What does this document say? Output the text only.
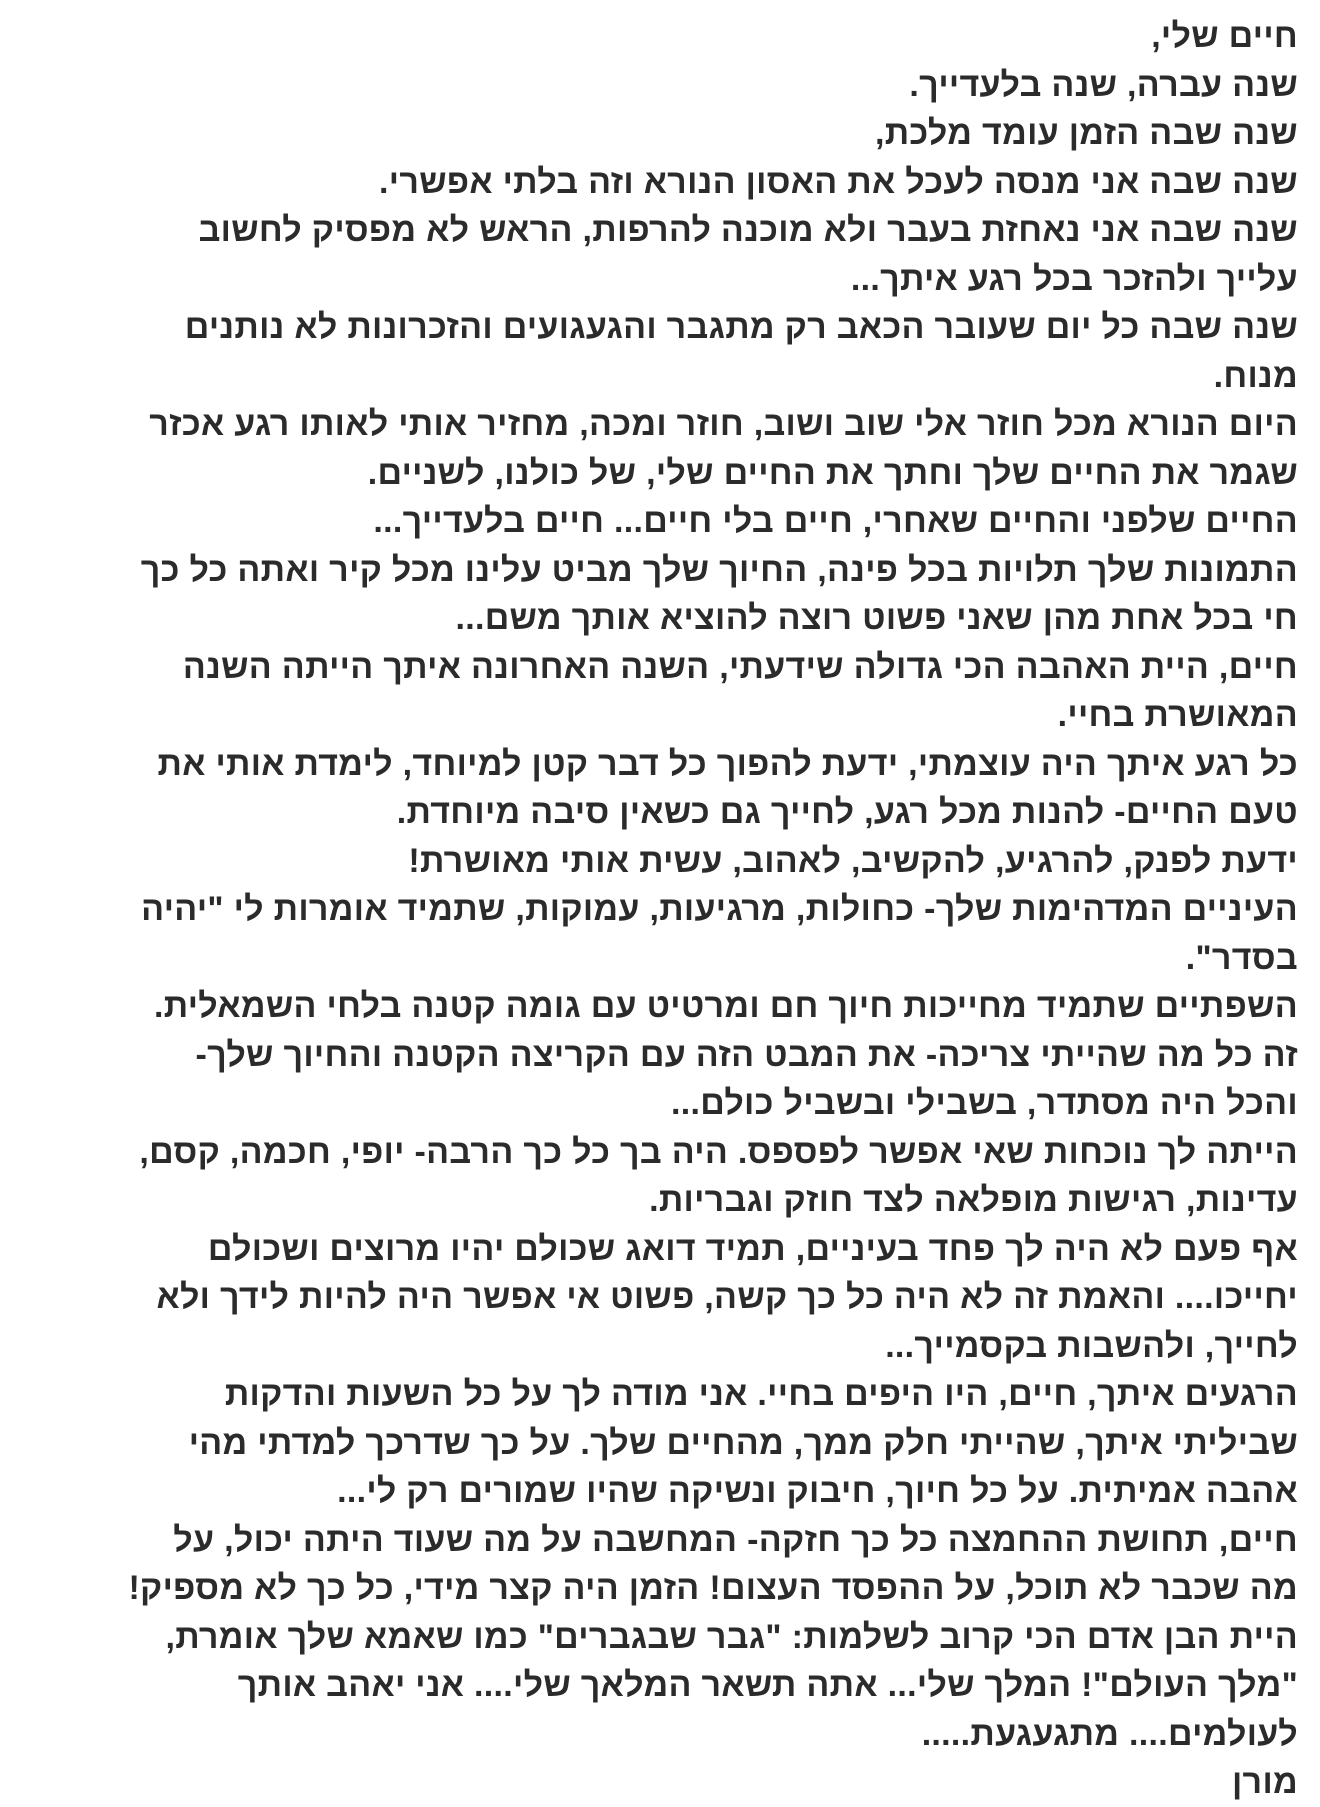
חיים שלי,
שנה עברה, שנה בלעדייך.
שנה שבה הזמן עומד מלכת,
שנה שבה אני מנסה לעכל את האסון הנורא וזה בלתי אפשרי.
שנה שבה אני נאחזת בעבר ולא מוכנה להרפות, הראש לא מפסיק לחשוב
עלייך ולהזכר בכל רגע איתך...
שנה שבה כל יום שעובר הכאב רק מתגבר והגעגועים והזכרונות לא נותנים
מנוח.
היום הנורא מכל חוזר אלי שוב ושוב, חוזר ומכה, מחזיר אותי לאותו רגע אכזר
שגמר את החיים שלך וחתך את החיים שלי, של כולנו, לשניים.
החיים שלפני והחיים שאחרי, חיים בלי חיים... חיים בלעדייך...
התמונות שלך תלויות בכל פינה, החיוך שלך מביט עלינו מכל קיר ואתה כל כך
חי בכל אחת מהן שאני פשוט רוצה להוציא אותך משם...
חיים, היית האהבה הכי גדולה שידעתי, השנה האחרונה איתך הייתה השנה
המאושרת בחיי.
כל רגע איתך היה עוצמתי, ידעת להפוך כל דבר קטן למיוחד, לימדת אותי את
טעם החיים- להנות מכל רגע, לחייך גם כשאין סיבה מיוחדת.
ידעת לפנק, להרגיע, להקשיב, לאהוב, עשית אותי מאושרת!
העיניים המדהימות שלך- כחולות, מרגיעות, עמוקות, שתמיד אומרות לי "יהיה
בסדר".
השפתיים שתמיד מחייכות חיוך חם ומרטיט עם גומה קטנה בלחי השמאלית.
זה כל מה שהייתי צריכה- את המבט הזה עם הקריצה הקטנה והחיוך שלך-
והכל היה מסתדר, בשבילי ובשביל כולם...
הייתה לך נוכחות שאי אפשר לפספס. היה בך כל כך הרבה- יופי, חכמה, קסם,
עדינות, רגישות מופלאה לצד חוזק וגבריות.
אף פעם לא היה לך פחד בעיניים, תמיד דואג שכולם יהיו מרוצים ושכולם
יחייכו.... והאמת זה לא היה כל כך קשה, פשוט אי אפשר היה להיות לידך ולא
לחייך, ולהשבות בקסמייך...
הרגעים איתך, חיים, היו היפים בחיי. אני מודה לך על כל השעות והדקות
שביליתי איתך, שהייתי חלק ממך, מהחיים שלך. על כך שדרכך למדתי מהי
אהבה אמיתית. על כל חיוך, חיבוק ונשיקה שהיו שמורים רק לי...
חיים, תחושת ההחמצה כל כך חזקה- המחשבה על מה שעוד היתה יכול, על
מה שכבר לא תוכל, על ההפסד העצום! הזמן היה קצר מידי, כל כך לא מספיק!
היית הבן אדם הכי קרוב לשלמות: "גבר שבגברים" כמו שאמא שלך אומרת,
"מלך העולם"! המלך שלי... אתה תשאר המלאך שלי.... אני יאהב אותך
לעולמים.... מתגעגעת.....
מורן
